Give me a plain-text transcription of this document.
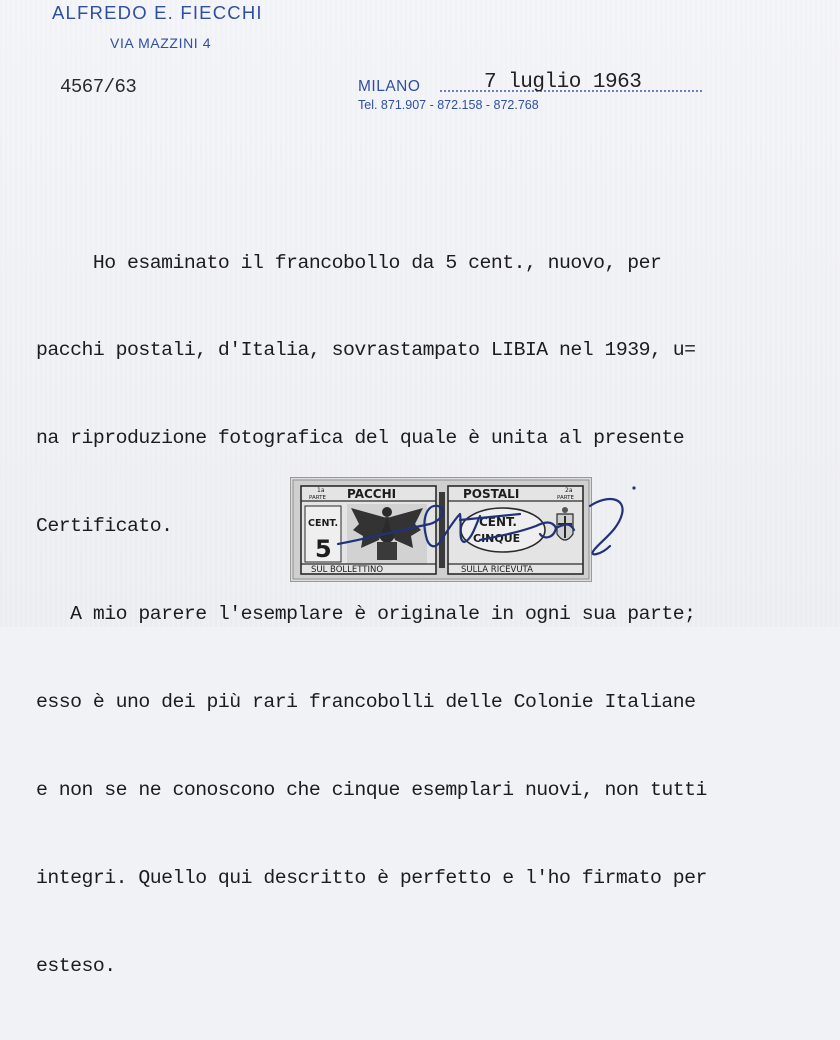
ALFREDO E. FIECCHI
VIA MAZZINI 4
4567/63	MILANO	7 luglio 1963
Tel. 871.907 - 872.158 - 872.768

Ho esaminato il francobollo da 5 cent., nuovo, per

pacchi postali, d'Italia, sovrastampato LIBIA nel 1939, u=

na riproduzione fotografica del quale è unita al presente

Certificato.

A mio parere l'esemplare è originale in ogni sua parte;

esso è uno dei più rari francobolli delle Colonie Italiane

e non se ne conoscono che cinque esemplari nuovi, non tutti

integri. Quello qui descritto è perfetto e l'ho firmato per

esteso.

1a
PARTE PACCHI
CENT.
5
SUL BOLLETTINO
POSTALI	2a
PARTE
CENT.
CINQUE
SULLA RICEVUTA
